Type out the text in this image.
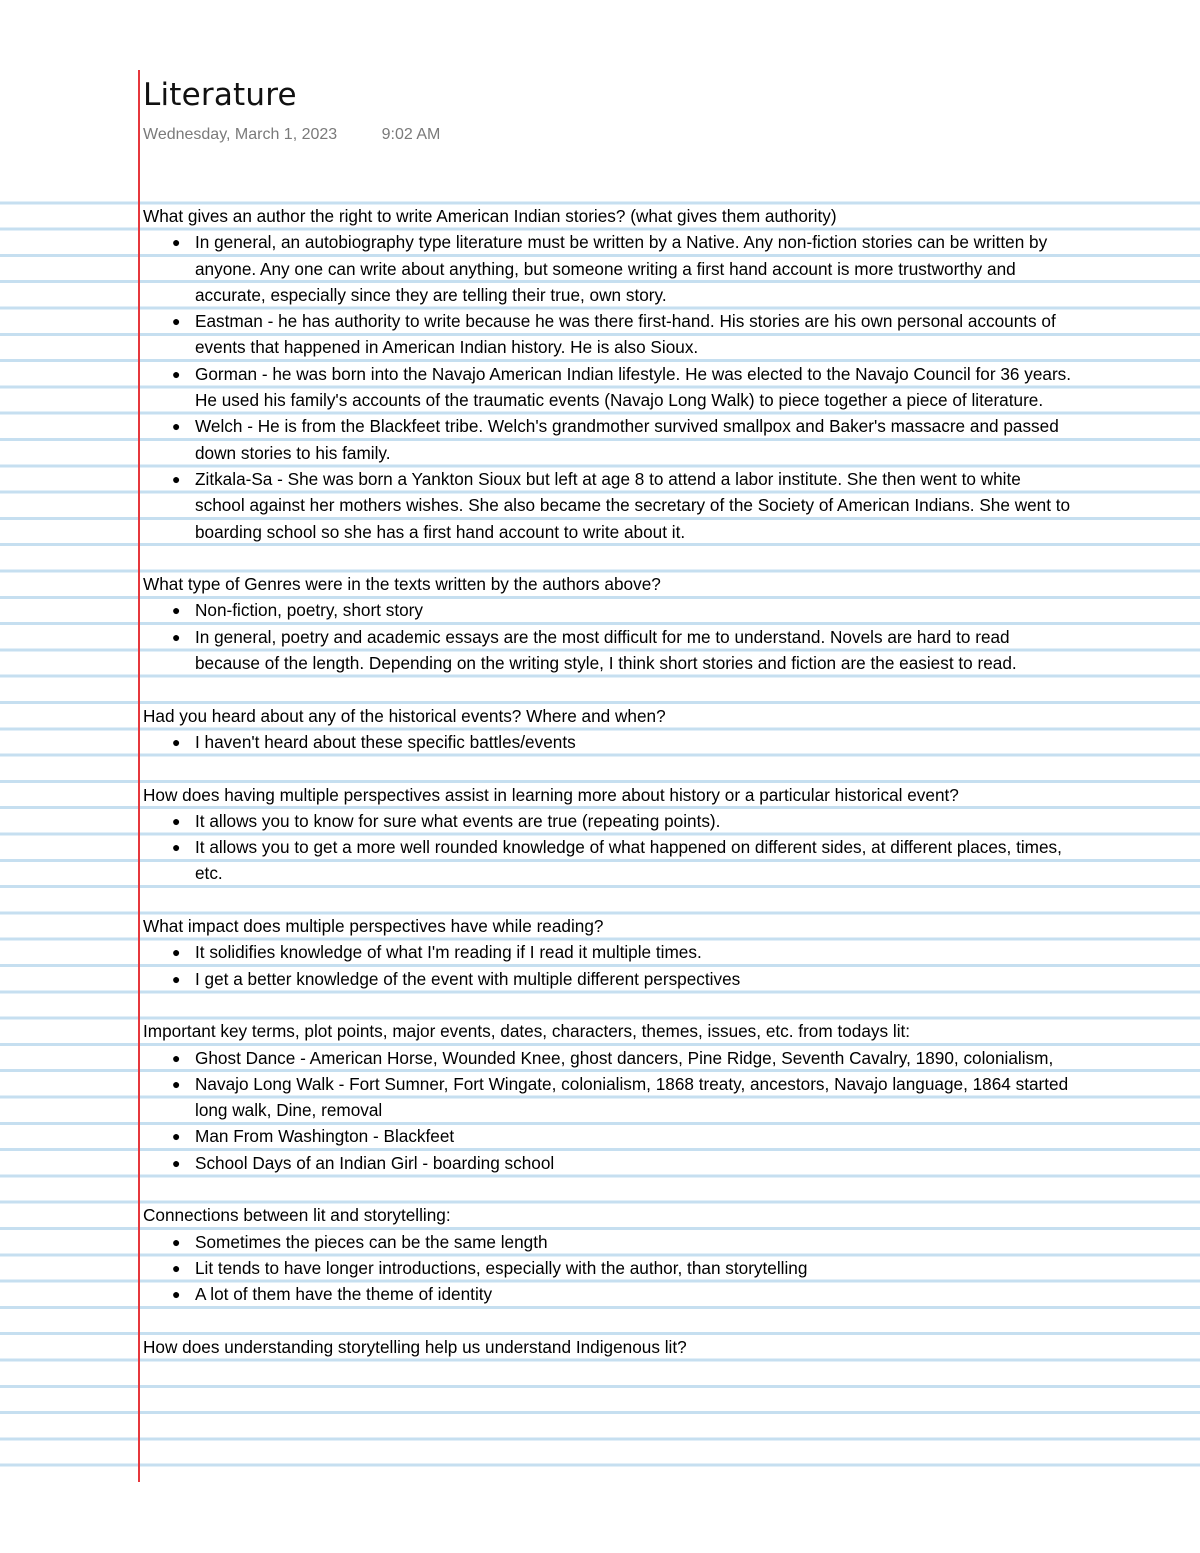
Literature
Wednesday, March 1, 2023	9:02 AM

What gives an author the right to write American Indian stories? (what gives them authority)

● In general, an autobiography type literature must be written by a Native. Any non-fiction stories can be written by anyone. Any one can write about anything, but someone writing a first hand account is more trustworthy and accurate, especially since they are telling their true, own story.
● Eastman - he has authority to write because he was there first-hand. His stories are his own personal accounts of events that happened in American Indian history. He is also Sioux.
● Gorman - he was born into the Navajo American Indian lifestyle. He was elected to the Navajo Council for 36 years. He used his family's accounts of the traumatic events (Navajo Long Walk) to piece together a piece of literature.
● Welch - He is from the Blackfeet tribe. Welch's grandmother survived smallpox and Baker's massacre and passed down stories to his family.
● Zitkala-Sa - She was born a Yankton Sioux but left at age 8 to attend a labor institute. She then went to white school against her mothers wishes. She also became the secretary of the Society of American Indians. She went to boarding school so she has a first hand account to write about it.

What type of Genres were in the texts written by the authors above?

● Non-fiction, poetry, short story
● In general, poetry and academic essays are the most difficult for me to understand. Novels are hard to read because of the length. Depending on the writing style, I think short stories and fiction are the easiest to read.

Had you heard about any of the historical events? Where and when?

● I haven't heard about these specific battles/events

How does having multiple perspectives assist in learning more about history or a particular historical event?

● It allows you to know for sure what events are true (repeating points).
● It allows you to get a more well rounded knowledge of what happened on different sides, at different places, times, etc.

What impact does multiple perspectives have while reading?

● It solidifies knowledge of what I'm reading if I read it multiple times.
● I get a better knowledge of the event with multiple different perspectives

Important key terms, plot points, major events, dates, characters, themes, issues, etc. from todays lit:

● Ghost Dance - American Horse, Wounded Knee, ghost dancers, Pine Ridge, Seventh Cavalry, 1890, colonialism,
● Navajo Long Walk - Fort Sumner, Fort Wingate, colonialism, 1868 treaty, ancestors, Navajo language, 1864 started long walk, Dine, removal
● Man From Washington - Blackfeet
● School Days of an Indian Girl - boarding school

Connections between lit and storytelling:

● Sometimes the pieces can be the same length
● Lit tends to have longer introductions, especially with the author, than storytelling
● A lot of them have the theme of identity

How does understanding storytelling help us understand Indigenous lit?
